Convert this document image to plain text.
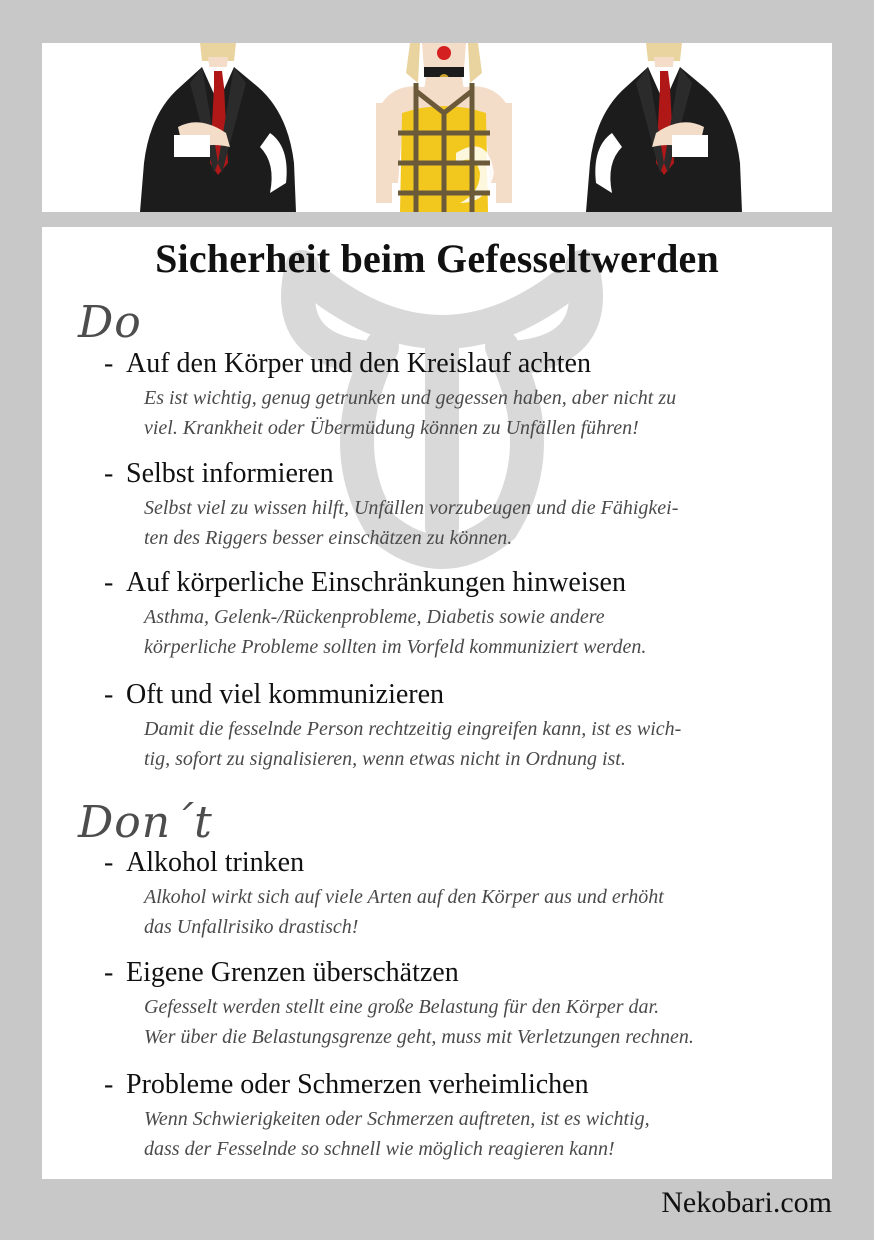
Sicherheit beim Gefesseltwerden
Do
- Auf den Körper und den Kreislauf achten
Es ist wichtig, genug getrunken und gegessen haben, aber nicht zu
viel. Krankheit oder Übermüdung können zu Unfällen führen!
- Selbst informieren
Selbst viel zu wissen hilft, Unfällen vorzubeugen und die Fähigkei-
ten des Riggers besser einschätzen zu können.
- Auf körperliche Einschränkungen hinweisen
Asthma, Gelenk-/Rückenprobleme, Diabetis sowie andere
körperliche Probleme sollten im Vorfeld kommuniziert werden.
- Oft und viel kommunizieren
Damit die fesselnde Person rechtzeitig eingreifen kann, ist es wich-
tig, sofort zu signalisieren, wenn etwas nicht in Ordnung ist.
Don´t
- Alkohol trinken
Alkohol wirkt sich auf viele Arten auf den Körper aus und erhöht
das Unfallrisiko drastisch!
- Eigene Grenzen überschätzen
Gefesselt werden stellt eine große Belastung für den Körper dar.
Wer über die Belastungsgrenze geht, muss mit Verletzungen rechnen.
- Probleme oder Schmerzen verheimlichen
Wenn Schwierigkeiten oder Schmerzen auftreten, ist es wichtig,
dass der Fesselnde so schnell wie möglich reagieren kann!
Nekobari.com
